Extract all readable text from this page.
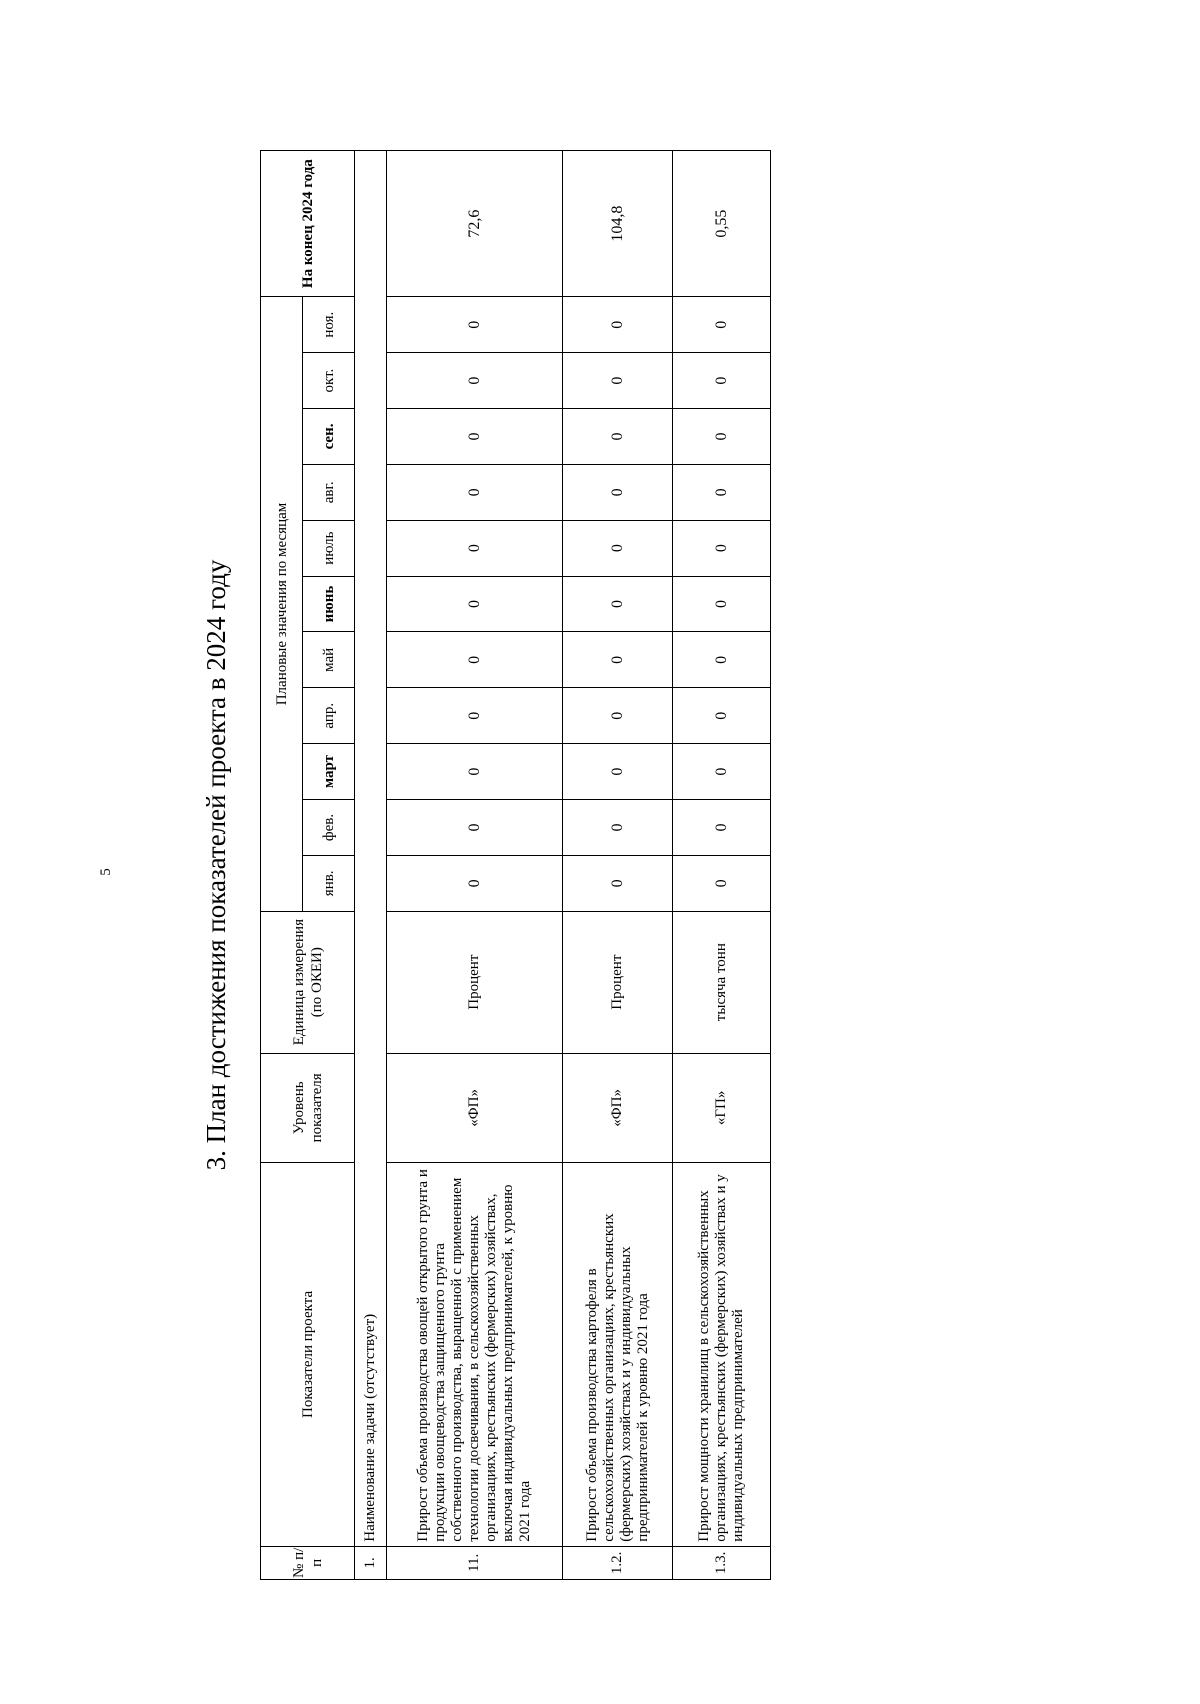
5	3. План достижения показателей проекта в 2024 году
№ п/п	Показатели проекта	Уровень показателя	Единица измерения (по ОКЕИ)	Плановые значения по месяцам											На конец 2024 года
				янв.	фев.	март	апр.	май	июнь	июль	авг.	сен.	окт.	ноя.	
1.	Наименование задачи (отсутствует)														
11.	Прирост объема производства овощей открытого грунта и продукции овощеводства защищенного грунта собственного производства, выращенной с применением технологии досвечивания, в сельскохозяйственных организациях, крестьянских (фермерских) хозяйствах, включая индивидуальных предпринимателей, к уровню 2021 года	«ФП»	Процент	0	0	0	0	0	0	0	0	0	0	0	72,6
1.2.	Прирост объема производства картофеля в сельскохозяйственных организациях, крестьянских (фермерских) хозяйствах и у индивидуальных предпринимателей к уровню 2021 года	«ФП»	Процент	0	0	0	0	0	0	0	0	0	0	0	104,8
1.3.	Прирост мощности хранилищ в сельскохозяйственных организациях, крестьянских (фермерских) хозяйствах и у индивидуальных предпринимателей	«ГП»	тысяча тонн	0	0	0	0	0	0	0	0	0	0	0	0,55
